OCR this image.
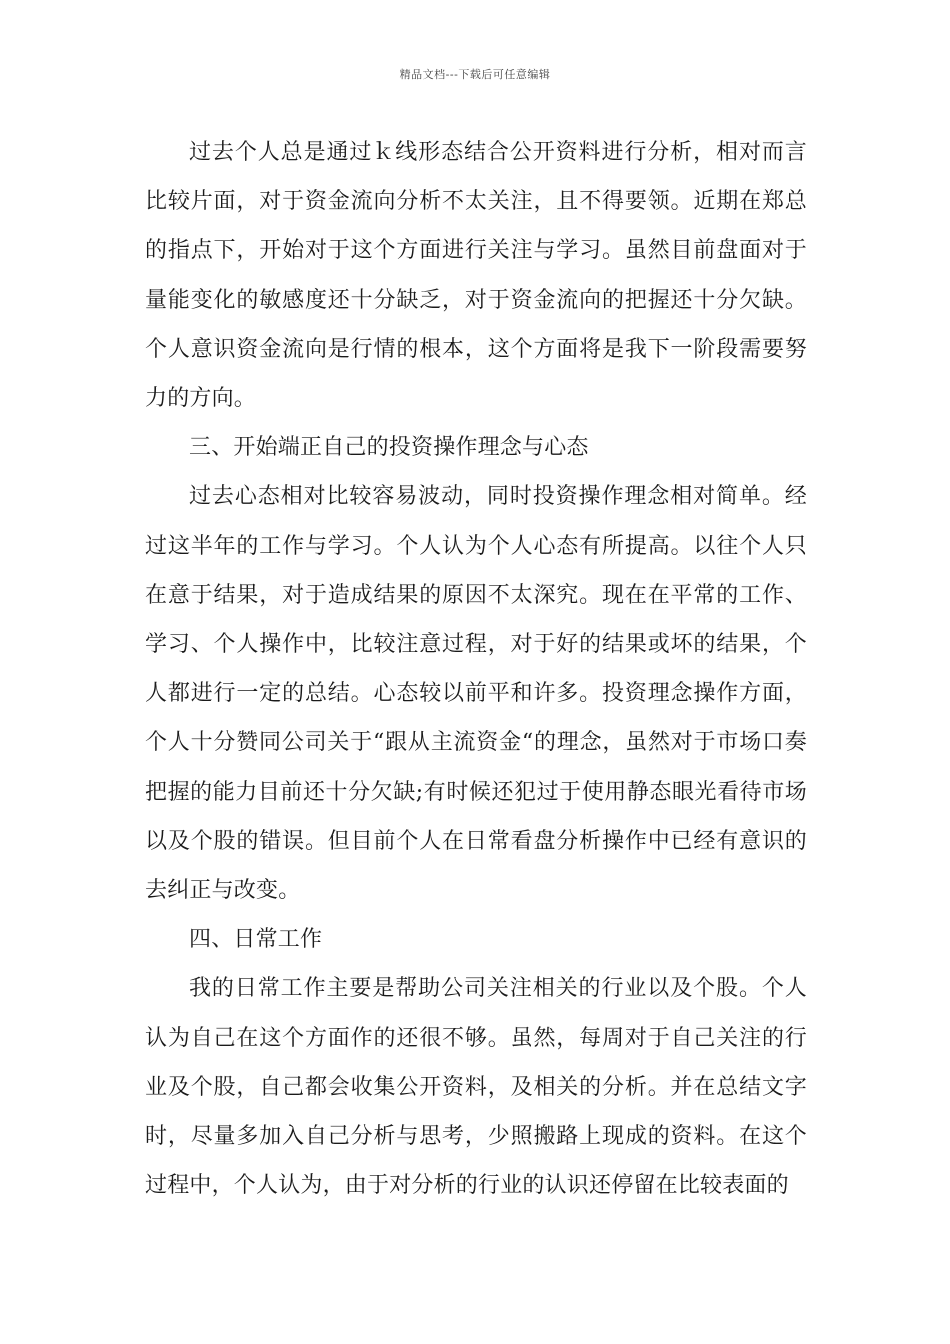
精品文档---下载后可任意编辑

过去个人总是通过ｋ线形态结合公开资料进行分析，相对而言比较片面，对于资金流向分析不太关注，且不得要领。近期在郑总的指点下，开始对于这个方面进行关注与学习。虽然目前盘面对于量能变化的敏感度还十分缺乏，对于资金流向的把握还十分欠缺。个人意识资金流向是行情的根本，这个方面将是我下一阶段需要努力的方向。

三、开始端正自己的投资操作理念与心态

过去心态相对比较容易波动，同时投资操作理念相对简单。经过这半年的工作与学习。个人认为个人心态有所提高。以往个人只在意于结果，对于造成结果的原因不太深究。现在在平常的工作、学习、个人操作中，比较注意过程，对于好的结果或坏的结果，个人都进行一定的总结。心态较以前平和许多。投资理念操作方面，个人十分赞同公司关于“跟从主流资金“的理念，虽然对于市场口奏把握的能力目前还十分欠缺;有时候还犯过于使用静态眼光看待市场以及个股的错误。但目前个人在日常看盘分析操作中已经有意识的去纠正与改变。

四、日常工作

我的日常工作主要是帮助公司关注相关的行业以及个股。个人认为自己在这个方面作的还很不够。虽然，每周对于自己关注的行业及个股，自己都会收集公开资料，及相关的分析。并在总结文字时，尽量多加入自己分析与思考，少照搬路上现成的资料。在这个过程中，个人认为，由于对分析的行业的认识还停留在比较表面的
